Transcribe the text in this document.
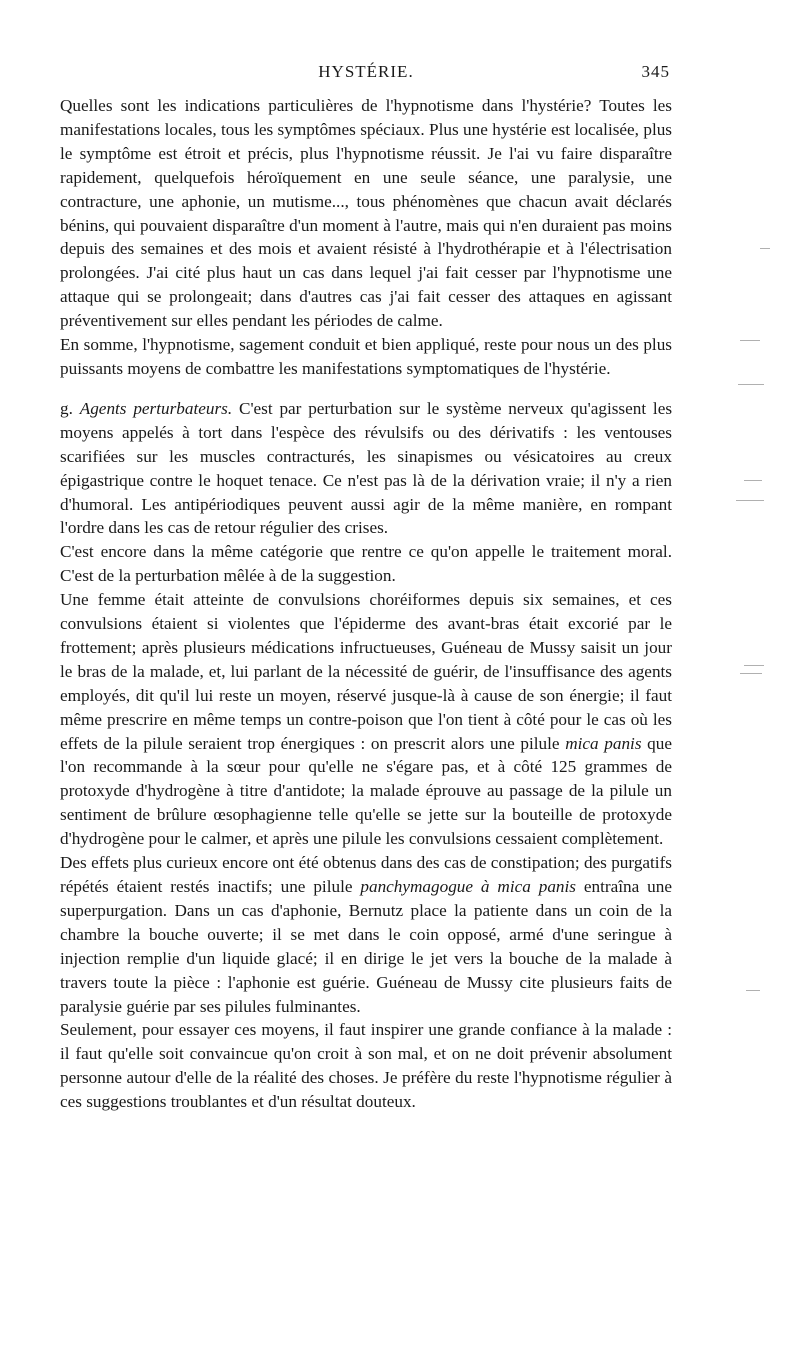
HYSTÉRIE.	345

Quelles sont les indications particulières de l'hypnotisme dans l'hystérie? Toutes les manifestations locales, tous les symptômes spéciaux. Plus une hystérie est localisée, plus le symptôme est étroit et précis, plus l'hypnotisme réussit. Je l'ai vu faire disparaître rapidement, quelquefois héroïquement en une seule séance, une paralysie, une contracture, une aphonie, un mutisme..., tous phénomènes que chacun avait déclarés bénins, qui pouvaient disparaître d'un moment à l'autre, mais qui n'en duraient pas moins depuis des semaines et des mois et avaient résisté à l'hydrothérapie et à l'électrisation prolongées. J'ai cité plus haut un cas dans lequel j'ai fait cesser par l'hypnotisme une attaque qui se prolongeait; dans d'autres cas j'ai fait cesser des attaques en agissant préventivement sur elles pendant les périodes de calme.

En somme, l'hypnotisme, sagement conduit et bien appliqué, reste pour nous un des plus puissants moyens de combattre les manifestations symptomatiques de l'hystérie.

g. Agents perturbateurs. C'est par perturbation sur le système nerveux qu'agissent les moyens appelés à tort dans l'espèce des révulsifs ou des dérivatifs : les ventouses scarifiées sur les muscles contracturés, les sinapismes ou vésicatoires au creux épigastrique contre le hoquet tenace. Ce n'est pas là de la dérivation vraie; il n'y a rien d'humoral. Les antipériodiques peuvent aussi agir de la même manière, en rompant l'ordre dans les cas de retour régulier des crises.

C'est encore dans la même catégorie que rentre ce qu'on appelle le traitement moral. C'est de la perturbation mêlée à de la suggestion.

Une femme était atteinte de convulsions choréiformes depuis six semaines, et ces convulsions étaient si violentes que l'épiderme des avant-bras était excorié par le frottement; après plusieurs médications infructueuses, Guéneau de Mussy saisit un jour le bras de la malade, et, lui parlant de la nécessité de guérir, de l'insuffisance des agents employés, dit qu'il lui reste un moyen, réservé jusque-là à cause de son énergie; il faut même prescrire en même temps un contre-poison que l'on tient à côté pour le cas où les effets de la pilule seraient trop énergiques : on prescrit alors une pilule mica panis que l'on recommande à la sœur pour qu'elle ne s'égare pas, et à côté 125 grammes de protoxyde d'hydrogène à titre d'antidote; la malade éprouve au passage de la pilule un sentiment de brûlure œsophagienne telle qu'elle se jette sur la bouteille de protoxyde d'hydrogène pour le calmer, et après une pilule les convulsions cessaient complètement.

Des effets plus curieux encore ont été obtenus dans des cas de constipation; des purgatifs répétés étaient restés inactifs; une pilule panchymagogue à mica panis entraîna une superpurgation. Dans un cas d'aphonie, Bernutz place la patiente dans un coin de la chambre la bouche ouverte; il se met dans le coin opposé, armé d'une seringue à injection remplie d'un liquide glacé; il en dirige le jet vers la bouche de la malade à travers toute la pièce : l'aphonie est guérie. Guéneau de Mussy cite plusieurs faits de paralysie guérie par ses pilules fulminantes.

Seulement, pour essayer ces moyens, il faut inspirer une grande confiance à la malade : il faut qu'elle soit convaincue qu'on croit à son mal, et on ne doit prévenir absolument personne autour d'elle de la réalité des choses. Je préfère du reste l'hypnotisme régulier à ces suggestions troublantes et d'un résultat douteux.
